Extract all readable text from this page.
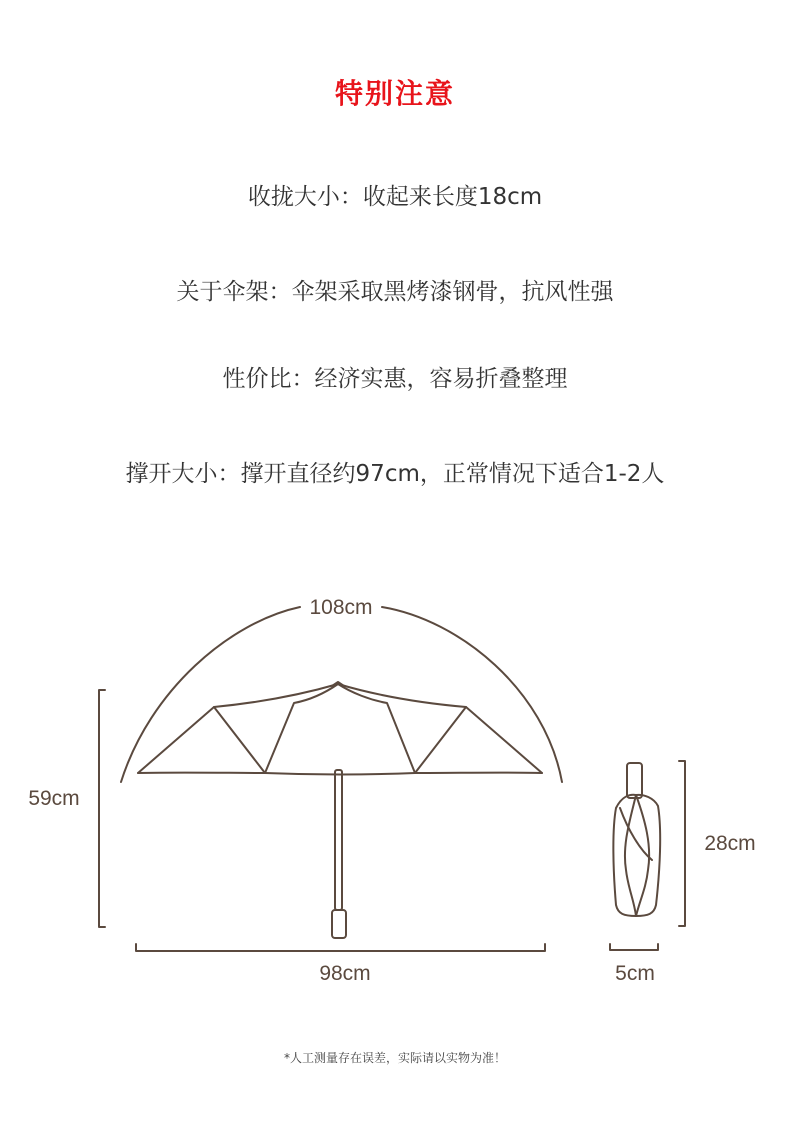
特别注意
收拢大小：收起来长度18cm
关于伞架：伞架采取黑烤漆钢骨，抗风性强
性价比：经济实惠，容易折叠整理
撑开大小：撑开直径约97cm，正常情况下适合1-2人
108cm
59cm
98cm
28cm
5cm
*人工测量存在误差，实际请以实物为准！
